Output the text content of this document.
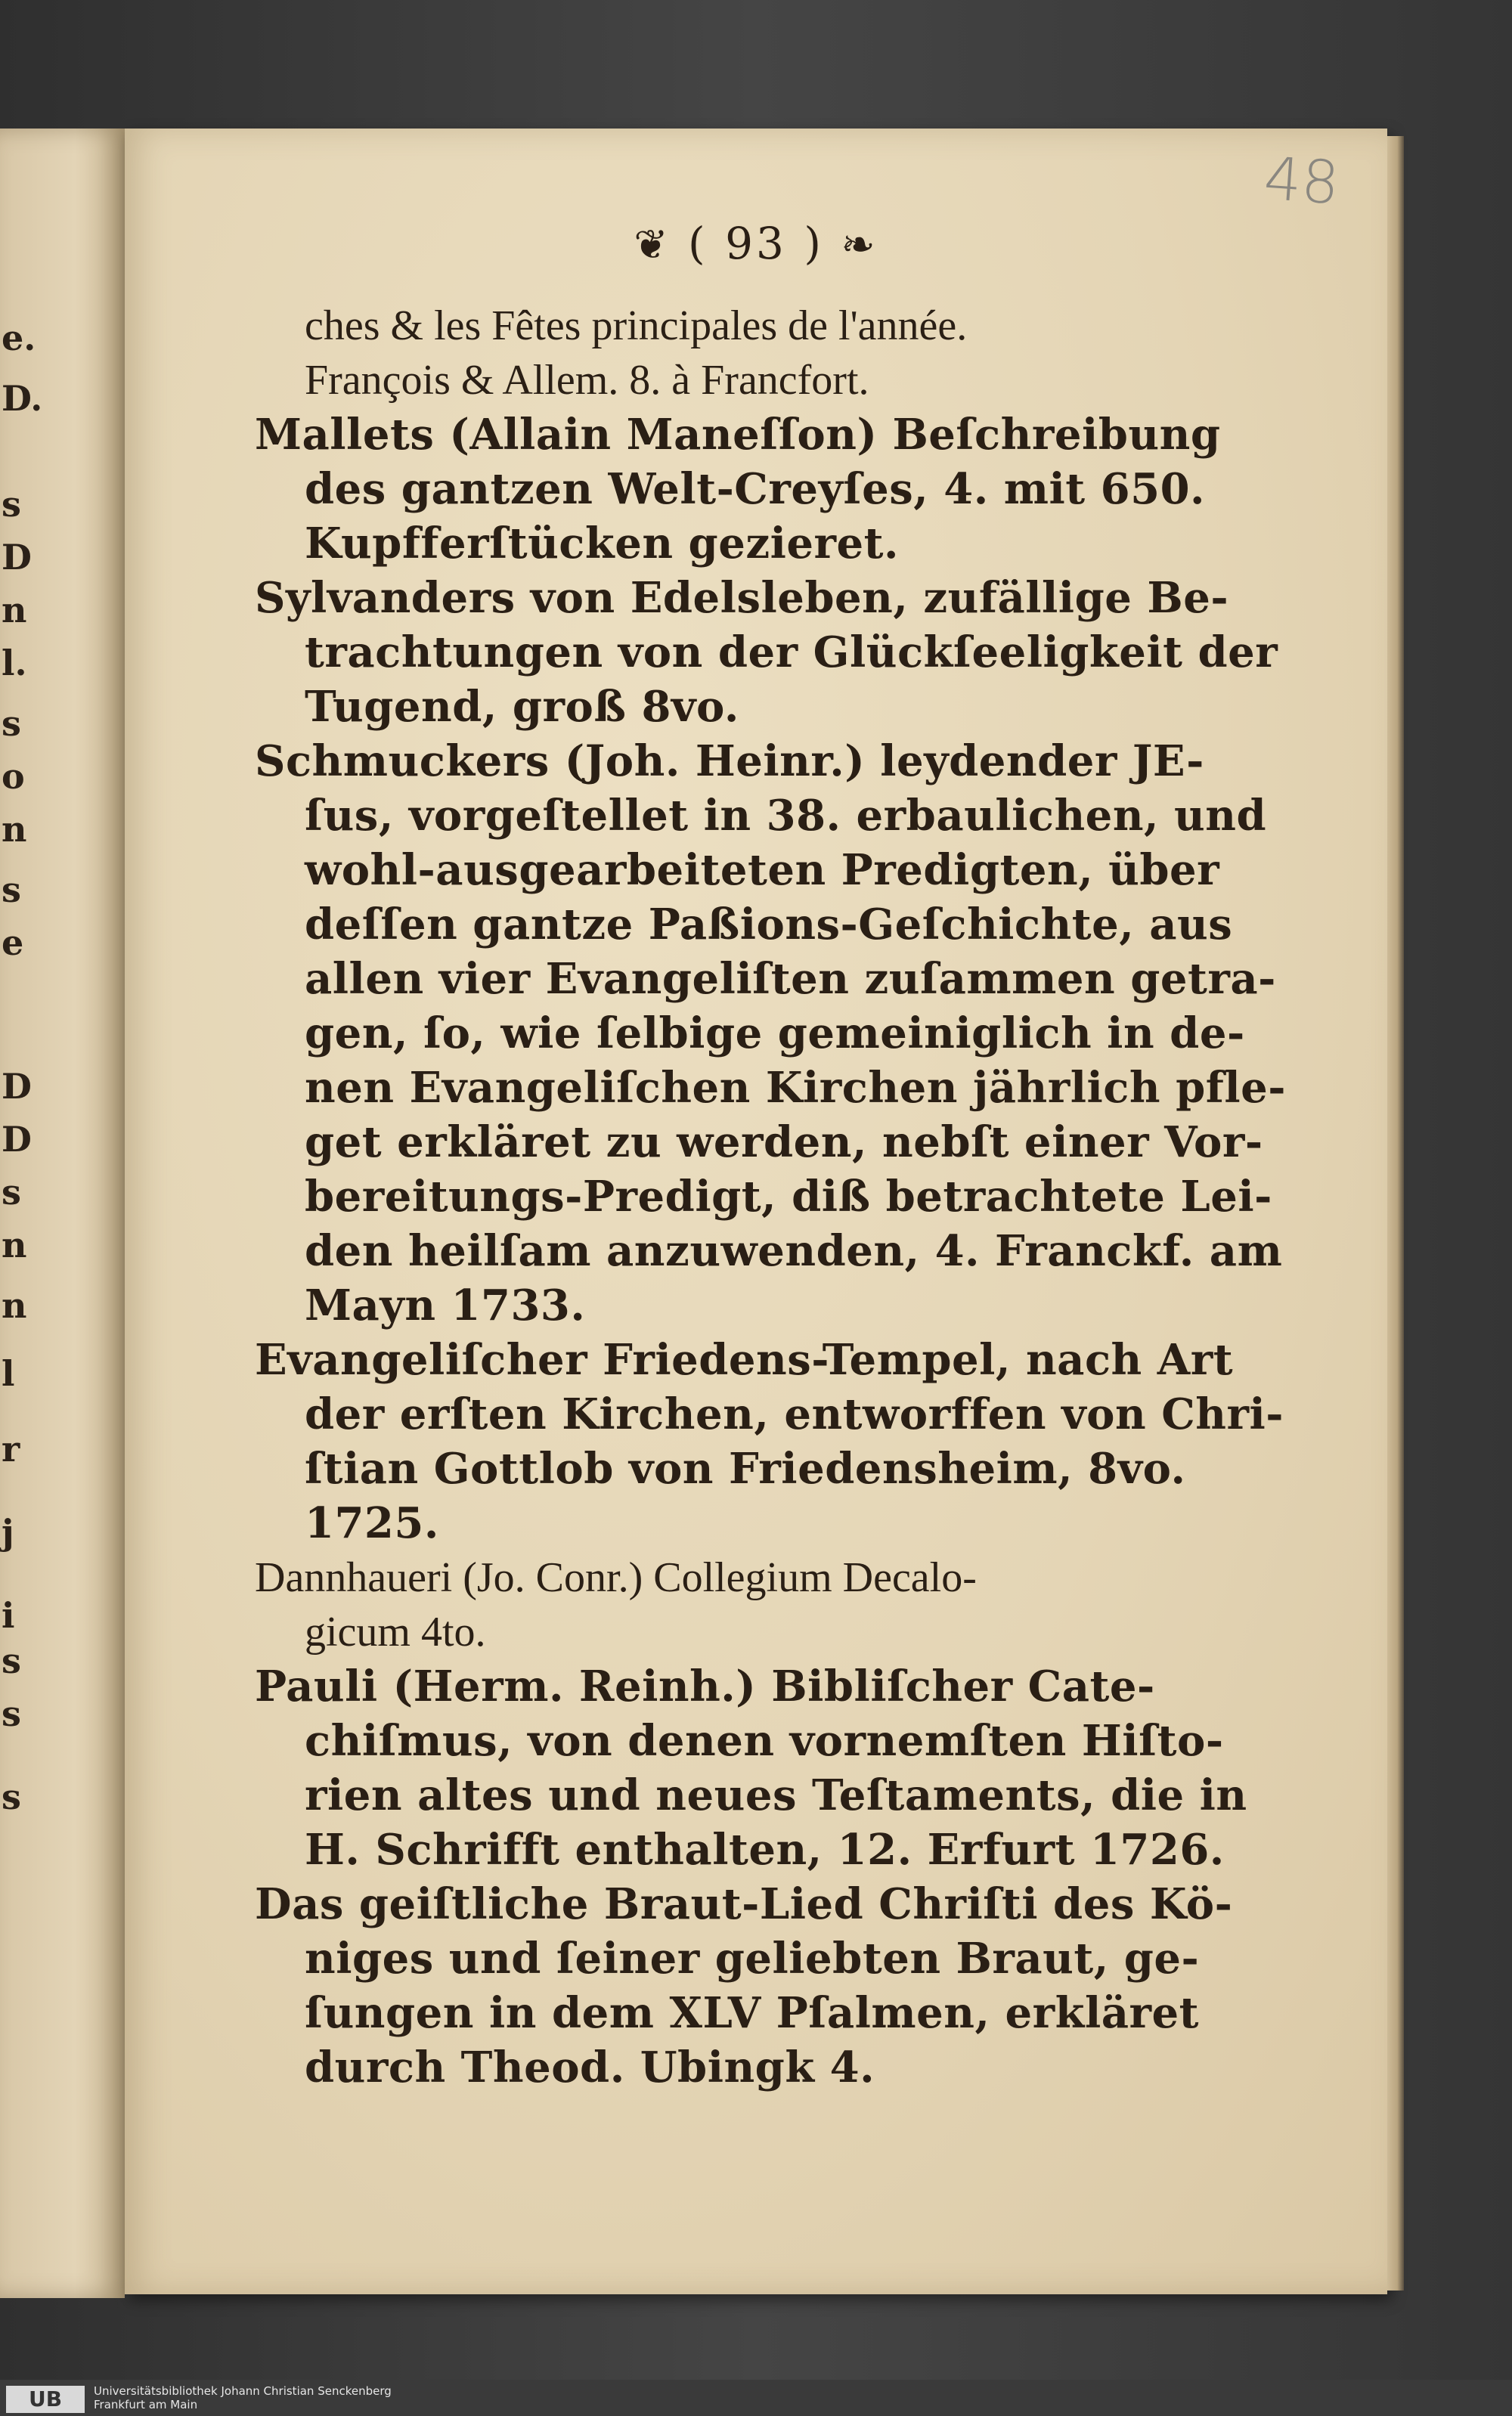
e.
D.
s
D
n
l.
s
o
n
s
e
D
D
s
n
n
l
r
j
i
s
s
s
❦ ( 93 ) ❧
ches & les Fêtes principales de l'année.
François & Allem. 8. à Francfort.
Mallets (Allain Maneſſon) Beſchreibung
des gantzen Welt-Creyſes, 4. mit 650.
Kupfferſtücken gezieret.
Sylvanders von Edelsleben, zufällige Be-
trachtungen von der Glückſeeligkeit der
Tugend, groß 8vo.
Schmuckers (Joh. Heinr.) leydender JE-
ſus, vorgeſtellet in 38. erbaulichen, und
wohl-ausgearbeiteten Predigten, über
deſſen gantze Paßions-Geſchichte, aus
allen vier Evangeliſten zuſammen getra-
gen, ſo, wie ſelbige gemeiniglich in de-
nen Evangeliſchen Kirchen jährlich pfle-
get erkläret zu werden, nebſt einer Vor-
bereitungs-Predigt, diß betrachtete Lei-
den heilſam anzuwenden, 4. Franckf. am
Mayn 1733.
Evangeliſcher Friedens-Tempel, nach Art
der erſten Kirchen, entworffen von Chri-
ſtian Gottlob von Friedensheim, 8vo.
1725.
Dannhaueri (Jo. Conr.) Collegium Decalo-
gicum 4to.
Pauli (Herm. Reinh.) Bibliſcher Cate-
chiſmus, von denen vornemſten Hiſto-
rien altes und neues Teſtaments, die in
H. Schrifft enthalten, 12. Erfurt 1726.
Das geiſtliche Braut-Lied Chriſti des Kö-
niges und ſeiner geliebten Braut, ge-
ſungen in dem XLV Pſalmen, erkläret
durch Theod. Ubingk 4.
48
UB	Universitätsbibliothek Johann Christian Senckenberg
Frankfurt am Main
